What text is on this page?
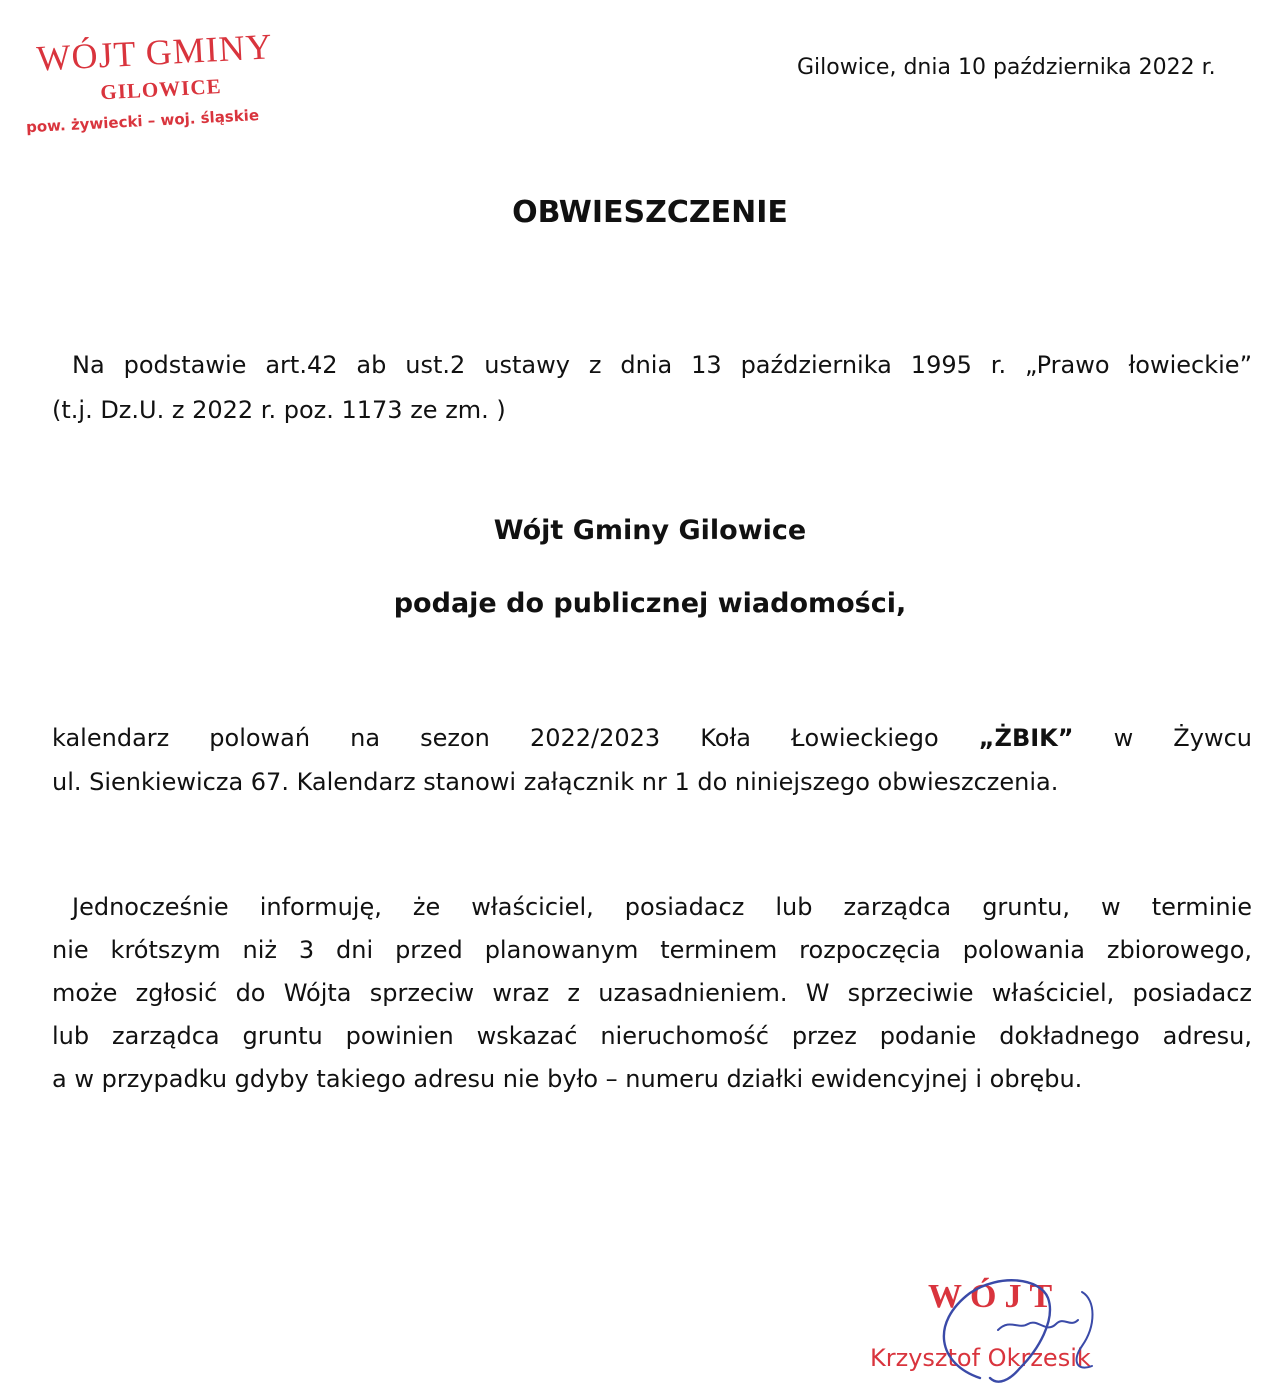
WÓJT GMINY
GILOWICE
pow. żywiecki – woj. śląskie
Gilowice, dnia 10 października 2022 r.
OBWIESZCZENIE
Na podstawie art.42 ab ust.2 ustawy z dnia 13 października 1995 r. „Prawo łowieckie”
(t.j. Dz.U. z 2022 r. poz. 1173 ze zm. )
Wójt Gminy Gilowice
podaje do publicznej wiadomości,
kalendarz polowań na sezon 2022/2023 Koła Łowieckiego „ŻBIK” w Żywcu
ul. Sienkiewicza 67. Kalendarz stanowi załącznik nr 1 do niniejszego obwieszczenia.
Jednocześnie informuję, że właściciel, posiadacz lub zarządca gruntu, w terminie
nie krótszym niż 3 dni przed planowanym terminem rozpoczęcia polowania zbiorowego,
może zgłosić do Wójta sprzeciw wraz z uzasadnieniem. W sprzeciwie właściciel, posiadacz
lub zarządca gruntu powinien wskazać nieruchomość przez podanie dokładnego adresu,
a w przypadku gdyby takiego adresu nie było – numeru działki ewidencyjnej i obrębu.
WÓJT
Krzysztof Okrzesik
